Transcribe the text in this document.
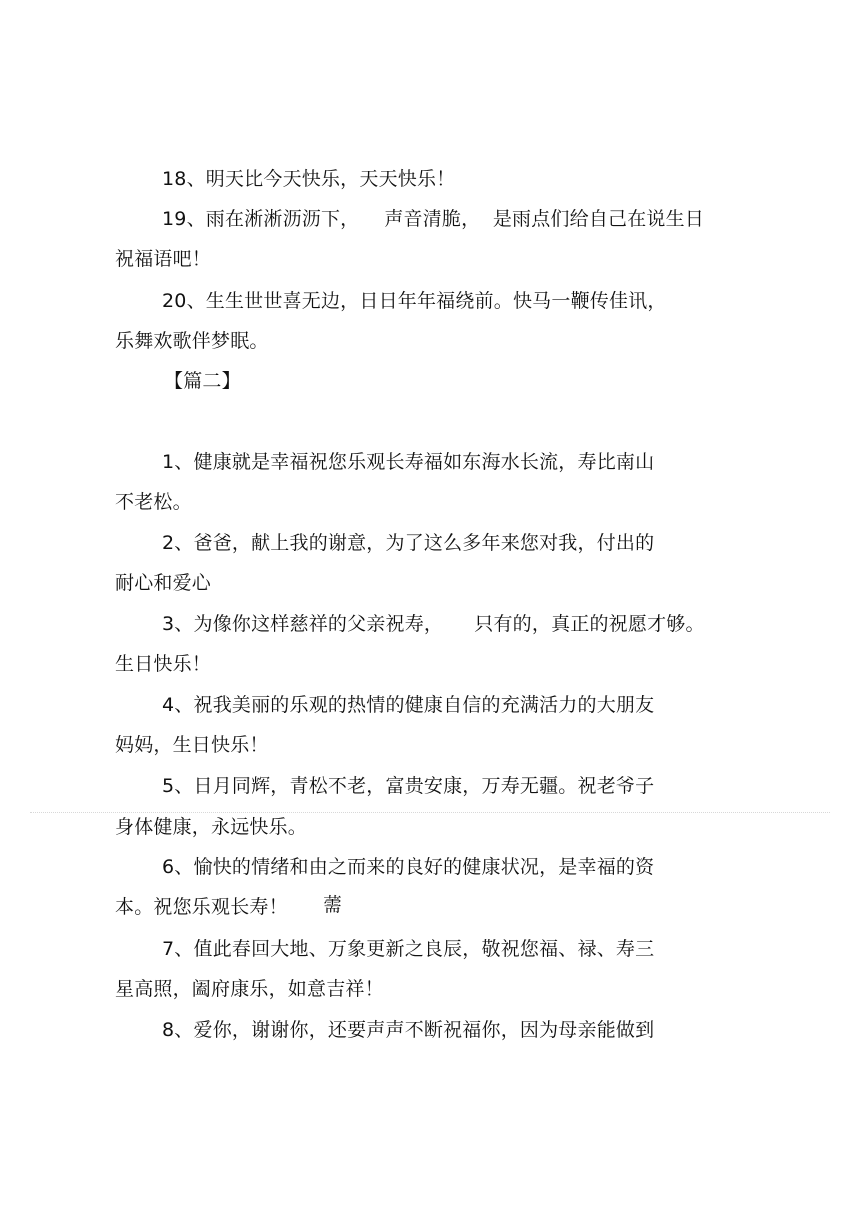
18、明天比今天快乐，天天快乐！
19、雨在淅淅沥沥下，    声音清脆，  是雨点们给自己在说生日
祝福语吧！
20、生生世世喜无边，日日年年福绕前。快马一鞭传佳讯，
乐舞欢歌伴梦眠。
【篇二】
1、健康就是幸福祝您乐观长寿福如东海水长流，寿比南山
不老松。
2、爸爸，献上我的谢意，为了这么多年来您对我，付出的
耐心和爱心
3、为像你这样慈祥的父亲祝寿，     只有的，真正的祝愿才够。
生日快乐！
4、祝我美丽的乐观的热情的健康自信的充满活力的大朋友
妈妈，生日快乐！
5、日月同辉，青松不老，富贵安康，万寿无疆。祝老爷子
身体健康，永远快乐。
6、愉快的情绪和由之而来的良好的健康状况，是幸福的资
本。祝您乐观长寿！ 薷
7、值此春回大地、万象更新之良辰，敬祝您福、禄、寿三
星高照，阖府康乐，如意吉祥！
8、爱你，谢谢你，还要声声不断祝福你，因为母亲能做到
